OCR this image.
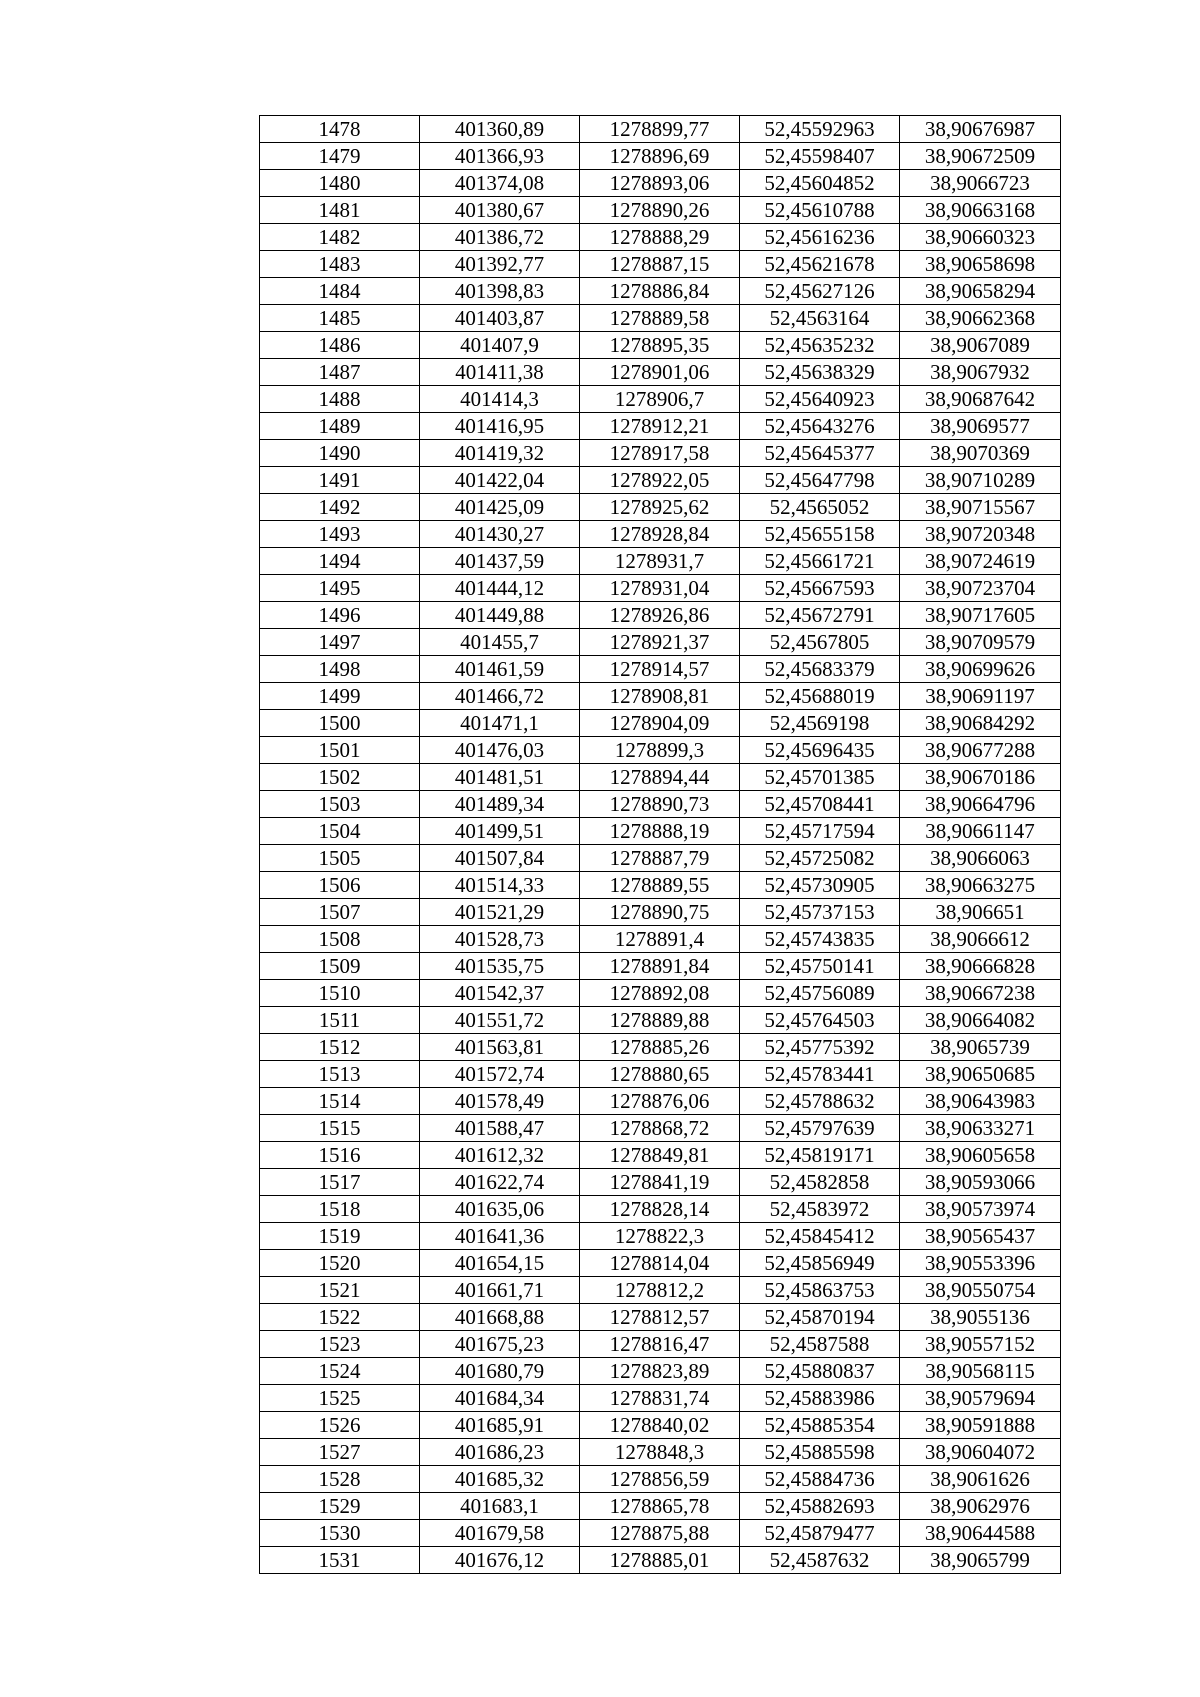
1478	401360,89	1278899,77	52,45592963	38,90676987
1479	401366,93	1278896,69	52,45598407	38,90672509
1480	401374,08	1278893,06	52,45604852	38,9066723
1481	401380,67	1278890,26	52,45610788	38,90663168
1482	401386,72	1278888,29	52,45616236	38,90660323
1483	401392,77	1278887,15	52,45621678	38,90658698
1484	401398,83	1278886,84	52,45627126	38,90658294
1485	401403,87	1278889,58	52,4563164	38,90662368
1486	401407,9	1278895,35	52,45635232	38,9067089
1487	401411,38	1278901,06	52,45638329	38,9067932
1488	401414,3	1278906,7	52,45640923	38,90687642
1489	401416,95	1278912,21	52,45643276	38,9069577
1490	401419,32	1278917,58	52,45645377	38,9070369
1491	401422,04	1278922,05	52,45647798	38,90710289
1492	401425,09	1278925,62	52,4565052	38,90715567
1493	401430,27	1278928,84	52,45655158	38,90720348
1494	401437,59	1278931,7	52,45661721	38,90724619
1495	401444,12	1278931,04	52,45667593	38,90723704
1496	401449,88	1278926,86	52,45672791	38,90717605
1497	401455,7	1278921,37	52,4567805	38,90709579
1498	401461,59	1278914,57	52,45683379	38,90699626
1499	401466,72	1278908,81	52,45688019	38,90691197
1500	401471,1	1278904,09	52,4569198	38,90684292
1501	401476,03	1278899,3	52,45696435	38,90677288
1502	401481,51	1278894,44	52,45701385	38,90670186
1503	401489,34	1278890,73	52,45708441	38,90664796
1504	401499,51	1278888,19	52,45717594	38,90661147
1505	401507,84	1278887,79	52,45725082	38,9066063
1506	401514,33	1278889,55	52,45730905	38,90663275
1507	401521,29	1278890,75	52,45737153	38,906651
1508	401528,73	1278891,4	52,45743835	38,9066612
1509	401535,75	1278891,84	52,45750141	38,90666828
1510	401542,37	1278892,08	52,45756089	38,90667238
1511	401551,72	1278889,88	52,45764503	38,90664082
1512	401563,81	1278885,26	52,45775392	38,9065739
1513	401572,74	1278880,65	52,45783441	38,90650685
1514	401578,49	1278876,06	52,45788632	38,90643983
1515	401588,47	1278868,72	52,45797639	38,90633271
1516	401612,32	1278849,81	52,45819171	38,90605658
1517	401622,74	1278841,19	52,4582858	38,90593066
1518	401635,06	1278828,14	52,4583972	38,90573974
1519	401641,36	1278822,3	52,45845412	38,90565437
1520	401654,15	1278814,04	52,45856949	38,90553396
1521	401661,71	1278812,2	52,45863753	38,90550754
1522	401668,88	1278812,57	52,45870194	38,9055136
1523	401675,23	1278816,47	52,4587588	38,90557152
1524	401680,79	1278823,89	52,45880837	38,90568115
1525	401684,34	1278831,74	52,45883986	38,90579694
1526	401685,91	1278840,02	52,45885354	38,90591888
1527	401686,23	1278848,3	52,45885598	38,90604072
1528	401685,32	1278856,59	52,45884736	38,9061626
1529	401683,1	1278865,78	52,45882693	38,9062976
1530	401679,58	1278875,88	52,45879477	38,90644588
1531	401676,12	1278885,01	52,4587632	38,9065799
